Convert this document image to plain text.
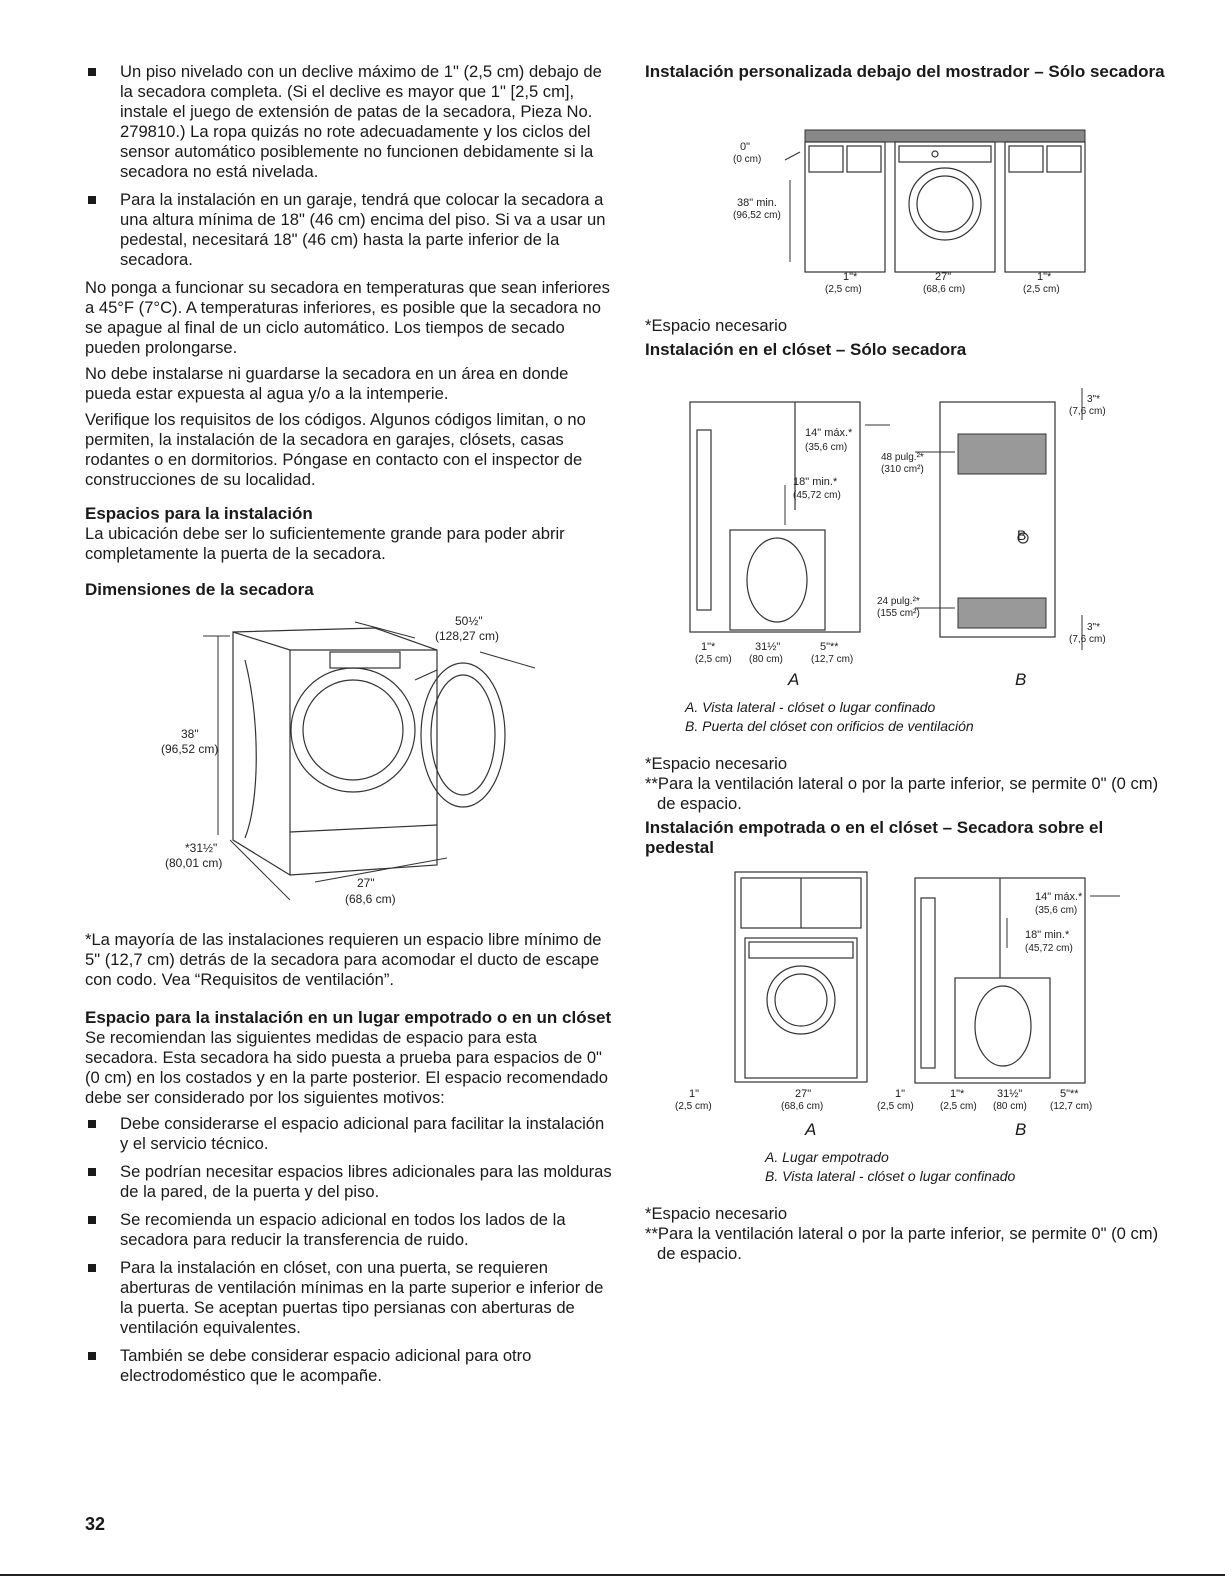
Un piso nivelado con un declive máximo de 1" (2,5 cm) debajo de la secadora completa. (Si el declive es mayor que 1" [2,5 cm], instale el juego de extensión de patas de la secadora, Pieza No. 279810.) La ropa quizás no rote adecuadamente y los ciclos del sensor automático posiblemente no funcionen debidamente si la secadora no está nivelada.
Para la instalación en un garaje, tendrá que colocar la secadora a una altura mínima de 18" (46 cm) encima del piso. Si va a usar un pedestal, necesitará 18" (46 cm) hasta la parte inferior de la secadora.

No ponga a funcionar su secadora en temperaturas que sean inferiores a 45°F (7°C). A temperaturas inferiores, es posible que la secadora no se apague al final de un ciclo automático. Los tiempos de secado pueden prolongarse.

No debe instalarse ni guardarse la secadora en un área en donde pueda estar expuesta al agua y/o a la intemperie.

Verifique los requisitos de los códigos. Algunos códigos limitan, o no permiten, la instalación de la secadora en garajes, clósets, casas rodantes o en dormitorios. Póngase en contacto con el inspector de construcciones de su localidad.

Espacios para la instalación

La ubicación debe ser lo suficientemente grande para poder abrir completamente la puerta de la secadora.

Dimensiones de la secadora
50½"
(128,27 cm)
38"
(96,52 cm)
*31½"
(80,01 cm)
27"
(68,6 cm)

*La mayoría de las instalaciones requieren un espacio libre mínimo de 5" (12,7 cm) detrás de la secadora para acomodar el ducto de escape con codo. Vea “Requisitos de ventilación”.

Espacio para la instalación en un lugar empotrado o en un clóset

Se recomiendan las siguientes medidas de espacio para esta secadora. Esta secadora ha sido puesta a prueba para espacios de 0" (0 cm) en los costados y en la parte posterior. El espacio recomendado debe ser considerado por los siguientes motivos:

Debe considerarse el espacio adicional para facilitar la instalación y el servicio técnico.
Se podrían necesitar espacios libres adicionales para las molduras de la pared, de la puerta y del piso.
Se recomienda un espacio adicional en todos los lados de la secadora para reducir la transferencia de ruido.
Para la instalación en clóset, con una puerta, se requieren aberturas de ventilación mínimas en la parte superior e inferior de la puerta. Se aceptan puertas tipo persianas con aberturas de ventilación equivalentes.
También se debe considerar espacio adicional para otro electrodoméstico que le acompañe.
Instalación personalizada debajo del mostrador – Sólo secadora
0"
(0 cm)
38" min.
(96,52 cm)
1"*
(2,5 cm)
27"
(68,6 cm)
1"*
(2,5 cm)

*Espacio necesario

Instalación en el clóset – Sólo secadora
14" máx.*
(35,6 cm)
18" min.*
(45,72 cm)
48 pulg.²*
(310 cm²)
24 pulg.²*
(155 cm²)
3"*
(7,6 cm)
3"*
(7,6 cm)
B
1"*
(2,5 cm)
31½"
(80 cm)
5"**
(12,7 cm)
A	B

A. Vista lateral - clóset o lugar confinado

B. Puerta del clóset con orificios de ventilación

*Espacio necesario

**Para la ventilación lateral o por la parte inferior, se permite 0" (0 cm) de espacio.

Instalación empotrada o en el clóset – Secadora sobre el pedestal
14" máx.*
(35,6 cm)
18" min.*
(45,72 cm)
1"
(2,5 cm)
27"
(68,6 cm)
1"
(2,5 cm)
1"*
(2,5 cm)
31½"
(80 cm)
5"**
(12,7 cm)
A	B

A. Lugar empotrado

B. Vista lateral - clóset o lugar confinado

*Espacio necesario

**Para la ventilación lateral o por la parte inferior, se permite 0" (0 cm) de espacio.

32
